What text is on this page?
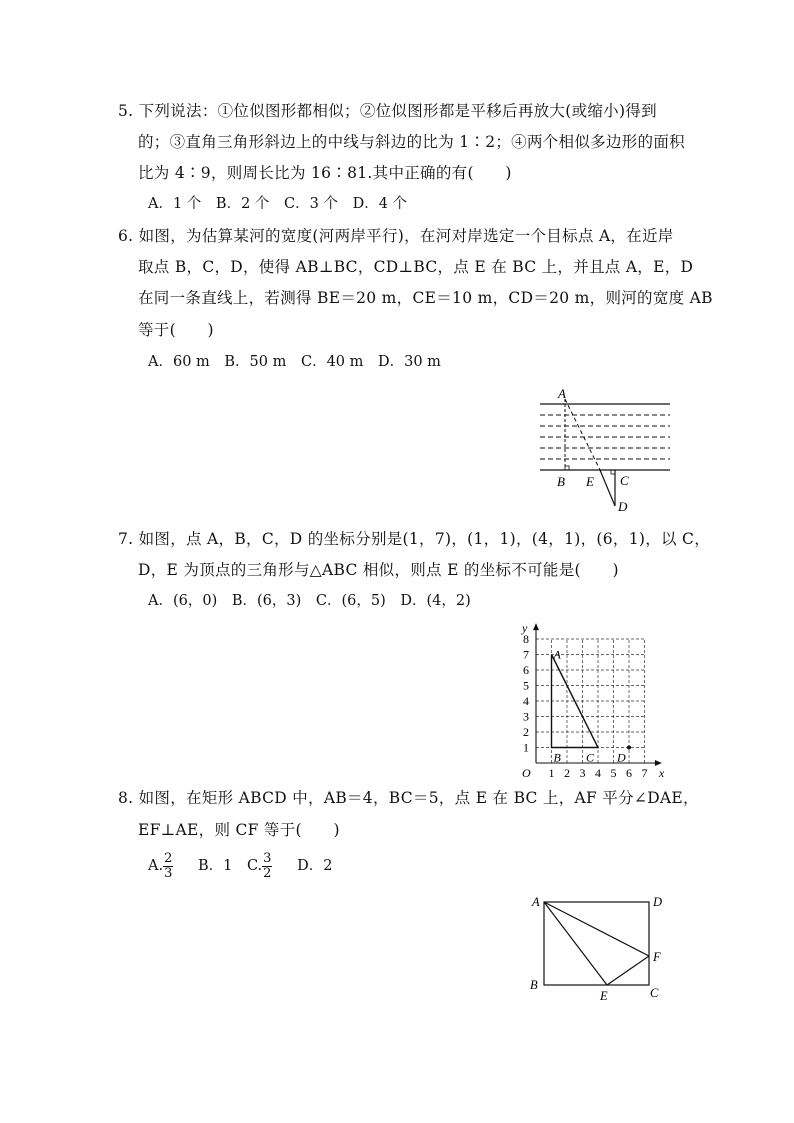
5. 下列说法：①位似图形都相似；②位似图形都是平移后再放大(或缩小)得到
的；③直角三角形斜边上的中线与斜边的比为 1∶2；④两个相似多边形的面积
比为 4∶9，则周长比为 16∶81.其中正确的有(　　)
A．1 个 B．2 个 C．3 个 D．4 个
6. 如图，为估算某河的宽度(河两岸平行)，在河对岸选定一个目标点 A，在近岸
取点 B，C，D，使得 AB⊥BC，CD⊥BC，点 E 在 BC 上，并且点 A，E，D
在同一条直线上，若测得 BE＝20 m，CE＝10 m，CD＝20 m，则河的宽度 AB
等于(　　)
A．60 m B．50 m C．40 m D．30 m
A
B E C
D
7. 如图，点 A，B，C，D 的坐标分别是(1，7)，(1，1)，(4，1)，(6，1)，以 C，
D，E 为顶点的三角形与△ABC 相似，则点 E 的坐标不可能是(　　)
A．(6，0) B．(6，3) C．(6，5) D．(4，2)
1 2 3 4 5 6 7
1
2
3
4
5
6
7
8
O	x
y
A
B C D
8. 如图，在矩形 ABCD 中，AB＝4，BC＝5，点 E 在 BC 上，AF 平分∠DAE，
EF⊥AE，则 CF 等于(　　)
A. $\frac{2}{3}$ B．1 C. $\frac{3}{2}$ D．2
A	D
F
B
E	C
